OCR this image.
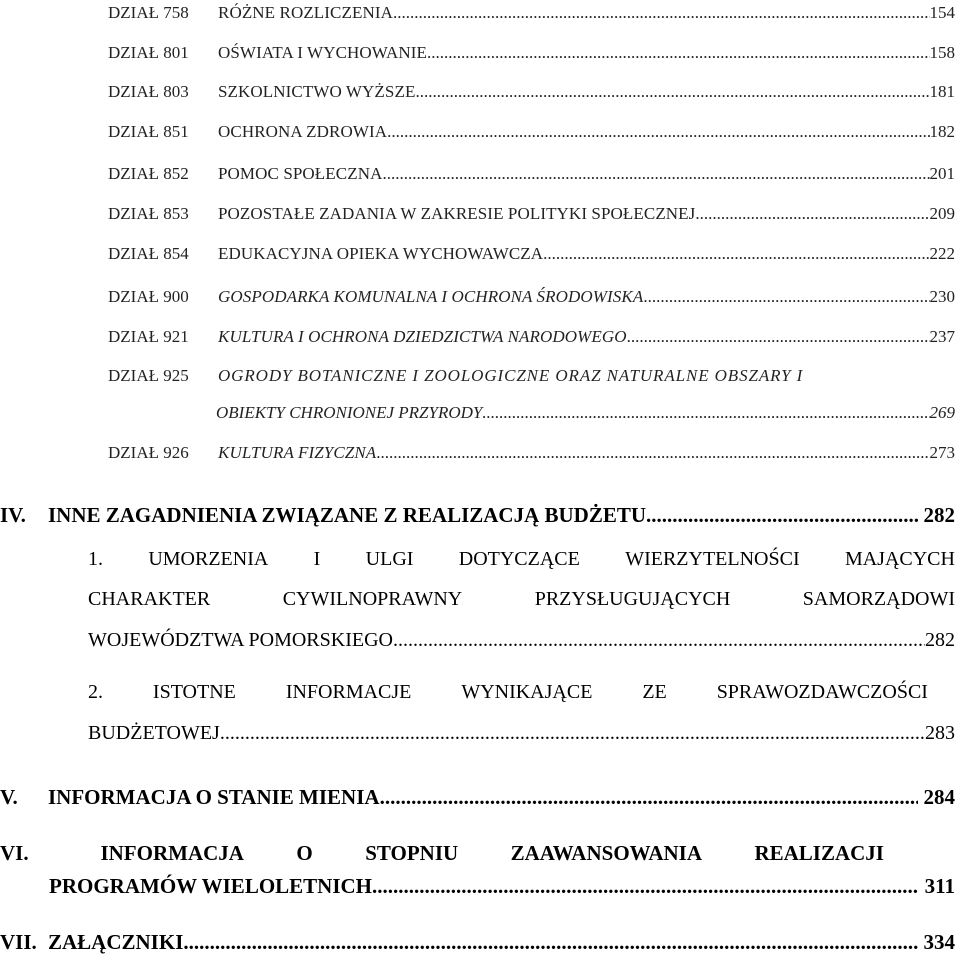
DZIAŁ 758 RÓŻNE ROZLICZENIA .....	154
DZIAŁ 801 OŚWIATA I WYCHOWANIE .....	158
DZIAŁ 803 SZKOLNICTWO WYŻSZE .....	181
DZIAŁ 851 OCHRONA ZDROWIA .....	182
DZIAŁ 852 POMOC SPOŁECZNA .....	201
DZIAŁ 853 POZOSTAŁE ZADANIA W ZAKRESIE POLITYKI SPOŁECZNEJ .....	209
DZIAŁ 854 EDUKACYJNA OPIEKA WYCHOWAWCZA .....	222
DZIAŁ 900 GOSPODARKA KOMUNALNA I OCHRONA ŚRODOWISKA .....	230
DZIAŁ 921 KULTURA I OCHRONA DZIEDZICTWA NARODOWEGO .....	237
DZIAŁ 925 OGRODY BOTANICZNE I ZOOLOGICZNE ORAZ NATURALNE OBSZARY I
OBIEKTY CHRONIONEJ PRZYRODY .....	269
DZIAŁ 926 KULTURA FIZYCZNA .....	273
IV. INNE ZAGADNIENIA ZWIĄZANE Z REALIZACJĄ BUDŻETU .....	282
1. UMORZENIA I ULGI DOTYCZĄCE WIERZYTELNOŚCI MAJĄCYCH
CHARAKTER	CYWILNOPRAWNY	PRZYSŁUGUJĄCYCH	SAMORZĄDOWI
WOJEWÓDZTWA POMORSKIEGO .....	282
2. ISTOTNE INFORMACJE WYNIKAJĄCE ZE SPRAWOZDAWCZOŚCI
BUDŻETOWEJ .....	283
V. INFORMACJA O STANIE MIENIA .....	284
VI.	INFORMACJA O STOPNIU ZAAWANSOWANIA REALIZACJI
PROGRAMÓW WIELOLETNICH .....	311
VII. ZAŁĄCZNIKI .....	334
